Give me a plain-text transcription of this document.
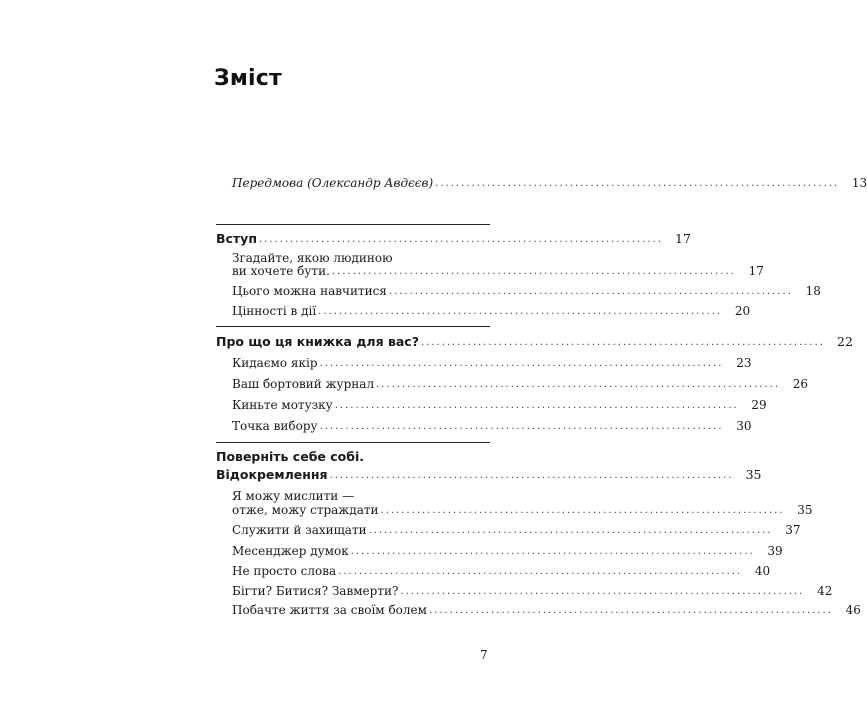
Зміст
Передмова (Олександр Авдєєв) ..............................................................................	13
Вступ .............................................................................. 17
Згадайте, якою людиною
ви хочете бути. ..............................................................................	17
Цього можна навчитися ..............................................................................	18
Цінності в дії ..............................................................................	20
Про що ця книжка для вас? .............................................................................. 22
Кидаємо якір ..............................................................................	23
Ваш бортовий журнал ..............................................................................	26
Киньте мотузку ..............................................................................	29
Точка вибору ..............................................................................	30
Поверніть себе собі.
Відокремлення .............................................................................. 35
Я можу мислити —
отже, можу страждати ..............................................................................	35
Служити й захищати ..............................................................................	37
Месенджер думок ..............................................................................	39
Не просто слова ..............................................................................	40
Бігти? Битися? Завмерти? ..............................................................................	42
Побачте життя за своїм болем ..............................................................................	46
7
